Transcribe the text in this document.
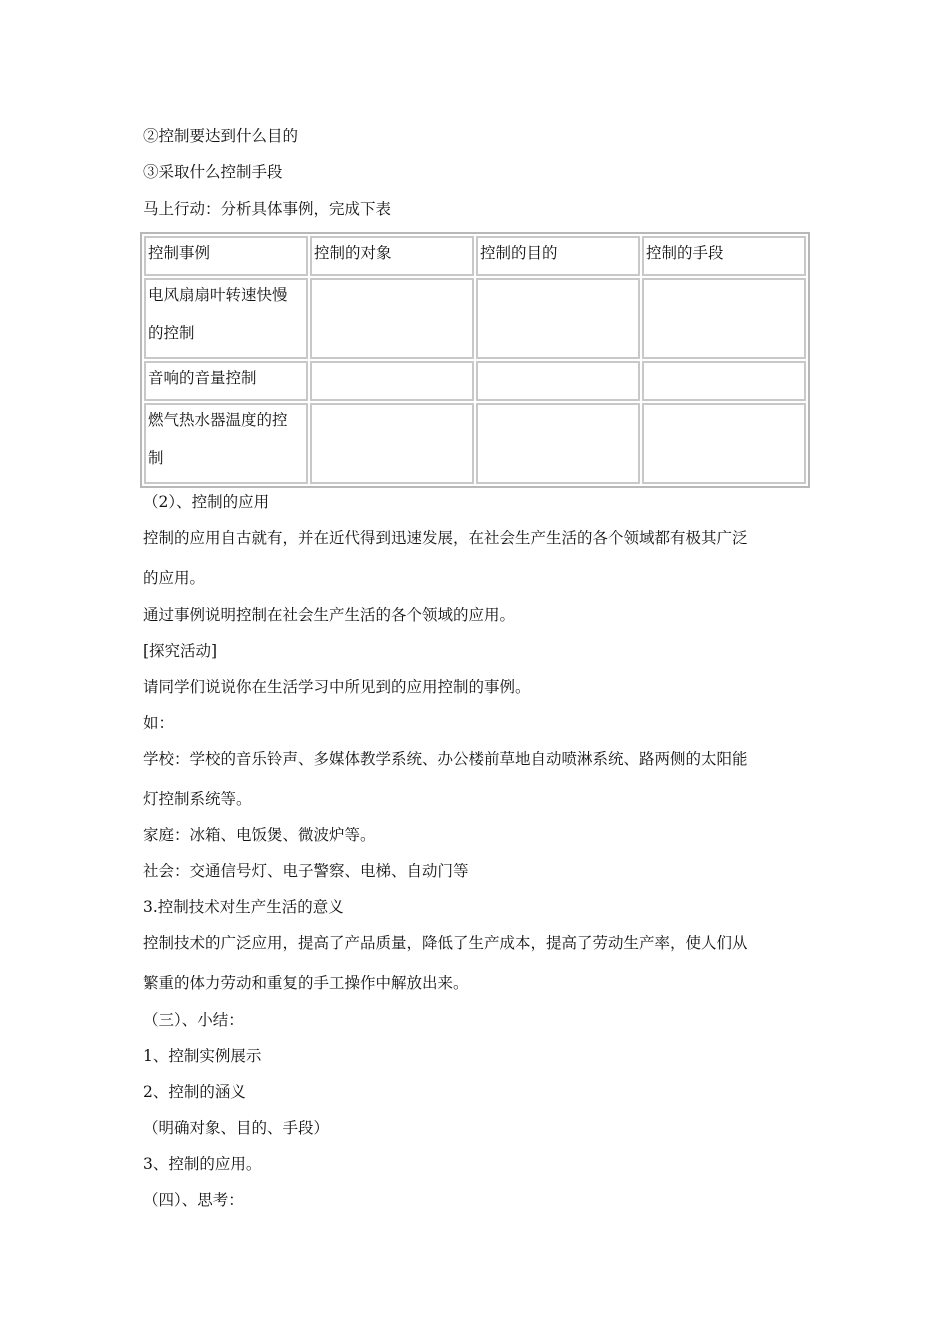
②控制要达到什么目的
③采取什么控制手段
马上行动：分析具体事例，完成下表
控制事例	控制的对象	控制的目的	控制的手段

电风扇扇叶转速快慢
的控制			

音响的音量控制			

燃气热水器温度的控
制			

（2）、控制的应用
控制的应用自古就有，并在近代得到迅速发展，在社会生产生活的各个领域都有极其广泛
的应用。
通过事例说明控制在社会生产生活的各个领域的应用。
[探究活动]
请同学们说说你在生活学习中所见到的应用控制的事例。
如：
学校：学校的音乐铃声、多媒体教学系统、办公楼前草地自动喷淋系统、路两侧的太阳能
灯控制系统等。
家庭：冰箱、电饭煲、微波炉等。
社会：交通信号灯、电子警察、电梯、自动门等
3.控制技术对生产生活的意义
控制技术的广泛应用，提高了产品质量，降低了生产成本，提高了劳动生产率，使人们从
繁重的体力劳动和重复的手工操作中解放出来。
（三）、小结：
1、控制实例展示
2、控制的涵义
（明确对象、目的、手段）
3、控制的应用。
（四）、思考：
